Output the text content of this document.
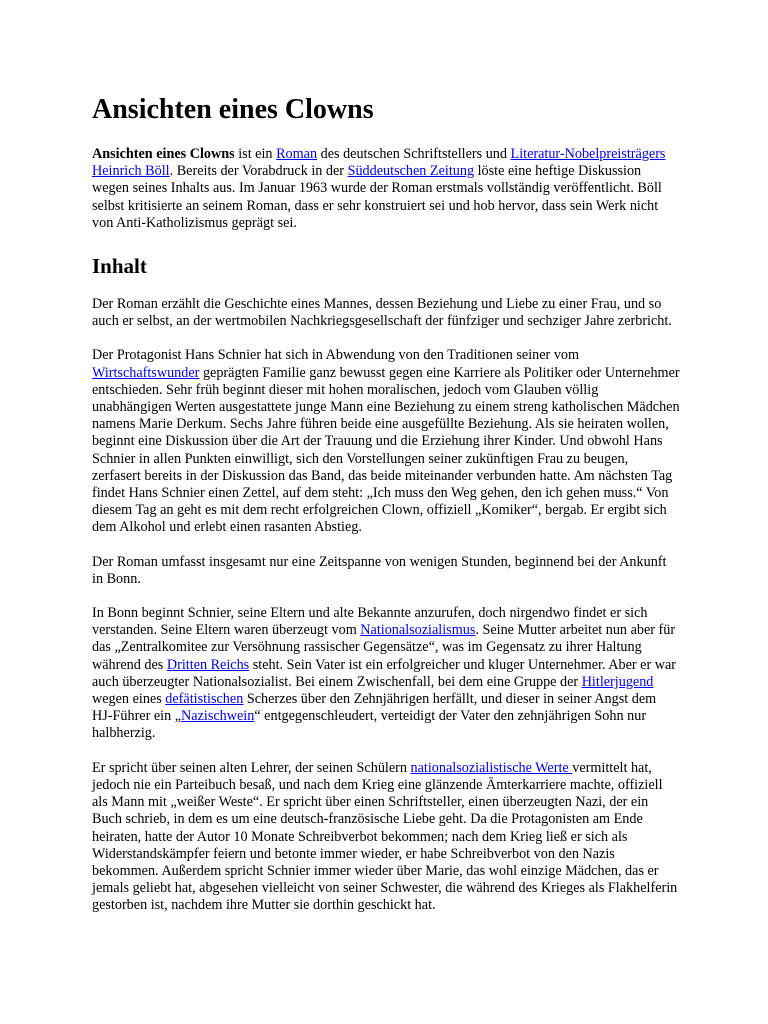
Ansichten eines Clowns

Ansichten eines Clowns ist ein Roman des deutschen Schriftstellers und Literatur-Nobelpreisträgers Heinrich Böll. Bereits der Vorabdruck in der Süddeutschen Zeitung löste eine heftige Diskussion wegen seines Inhalts aus. Im Januar 1963 wurde der Roman erstmals vollständig veröffentlicht. Böll selbst kritisierte an seinem Roman, dass er sehr konstruiert sei und hob hervor, dass sein Werk nicht von Anti-Katholizismus geprägt sei.

Inhalt

Der Roman erzählt die Geschichte eines Mannes, dessen Beziehung und Liebe zu einer Frau, und so auch er selbst, an der wertmobilen Nachkriegsgesellschaft der fünfziger und sechziger Jahre zerbricht.

Der Protagonist Hans Schnier hat sich in Abwendung von den Traditionen seiner vom Wirtschaftswunder geprägten Familie ganz bewusst gegen eine Karriere als Politiker oder Unternehmer entschieden. Sehr früh beginnt dieser mit hohen moralischen, jedoch vom Glauben völlig unabhängigen Werten ausgestattete junge Mann eine Beziehung zu einem streng katholischen Mädchen namens Marie Derkum. Sechs Jahre führen beide eine ausgefüllte Beziehung. Als sie heiraten wollen, beginnt eine Diskussion über die Art der Trauung und die Erziehung ihrer Kinder. Und obwohl Hans Schnier in allen Punkten einwilligt, sich den Vorstellungen seiner zukünftigen Frau zu beugen, zerfasert bereits in der Diskussion das Band, das beide miteinander verbunden hatte. Am nächsten Tag findet Hans Schnier einen Zettel, auf dem steht: „Ich muss den Weg gehen, den ich gehen muss.“ Von diesem Tag an geht es mit dem recht erfolgreichen Clown, offiziell „Komiker“, bergab. Er ergibt sich dem Alkohol und erlebt einen rasanten Abstieg.

Der Roman umfasst insgesamt nur eine Zeitspanne von wenigen Stunden, beginnend bei der Ankunft in Bonn.

In Bonn beginnt Schnier, seine Eltern und alte Bekannte anzurufen, doch nirgendwo findet er sich verstanden. Seine Eltern waren überzeugt vom Nationalsozialismus. Seine Mutter arbeitet nun aber für das „Zentralkomitee zur Versöhnung rassischer Gegensätze“, was im Gegensatz zu ihrer Haltung während des Dritten Reichs steht. Sein Vater ist ein erfolgreicher und kluger Unternehmer. Aber er war auch überzeugter Nationalsozialist. Bei einem Zwischenfall, bei dem eine Gruppe der Hitlerjugend wegen eines defätistischen Scherzes über den Zehnjährigen herfällt, und dieser in seiner Angst dem HJ-Führer ein „Nazischwein“ entgegenschleudert, verteidigt der Vater den zehnjährigen Sohn nur halbherzig.

Er spricht über seinen alten Lehrer, der seinen Schülern nationalsozialistische Werte vermittelt hat, jedoch nie ein Parteibuch besaß, und nach dem Krieg eine glänzende Ämterkarriere machte, offiziell als Mann mit „weißer Weste“. Er spricht über einen Schriftsteller, einen überzeugten Nazi, der ein Buch schrieb, in dem es um eine deutsch-französische Liebe geht. Da die Protagonisten am Ende heiraten, hatte der Autor 10 Monate Schreibverbot bekommen; nach dem Krieg ließ er sich als Widerstandskämpfer feiern und betonte immer wieder, er habe Schreibverbot von den Nazis bekommen. Außerdem spricht Schnier immer wieder über Marie, das wohl einzige Mädchen, das er jemals geliebt hat, abgesehen vielleicht von seiner Schwester, die während des Krieges als Flakhelferin gestorben ist, nachdem ihre Mutter sie dorthin geschickt hat.
